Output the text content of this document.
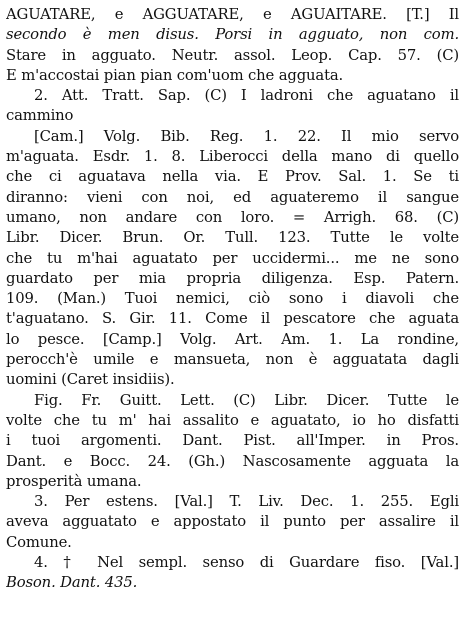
AGUATARE, e AGGUATARE, e AGUAITARE. [T.] Il
secondo è men disus. Porsi in agguato, non com.
Stare in agguato. Neutr. assol. Leop. Cap. 57. (C)
E m'accostai pian pian com'uom che agguata.
2. Att. Tratt. Sap. (C) I ladroni che aguatano il
cammino
[Cam.] Volg. Bib. Reg. 1. 22. Il mio servo
m'aguata. Esdr. 1. 8. Liberocci della mano di quello
che ci aguatava nella via. E Prov. Sal. 1. Se ti
diranno: vieni con noi, ed aguateremo il sangue
umano, non andare con loro. = Arrigh. 68. (C)
Libr. Dicer. Brun. Or. Tull. 123. Tutte le volte
che tu m'hai aguatato per uccidermi... me ne sono
guardato per mia propria diligenza. Esp. Patern.
109. (Man.) Tuoi nemici, ciò sono i diavoli che
t'aguatano. S. Gir. 11. Come il pescatore che aguata
lo pesce. [Camp.] Volg. Art. Am. 1. La rondine,
perocch'è umile e mansueta, non è agguatata dagli
uomini (Caret insidiis).
Fig. Fr. Guitt. Lett. (C) Libr. Dicer. Tutte le
volte che tu m' hai assalito e aguatato, io ho disfatti
i tuoi argomenti. Dant. Pist. all'Imper. in Pros.
Dant. e Bocc. 24. (Gh.) Nascosamente agguata la
prosperità umana.
3. Per estens. [Val.] T. Liv. Dec. 1. 255. Egli
aveva agguatato e appostato il punto per assalire il
Comune.
4. † Nel sempl. senso di Guardare fiso. [Val.]
Boson. Dant. 435.
